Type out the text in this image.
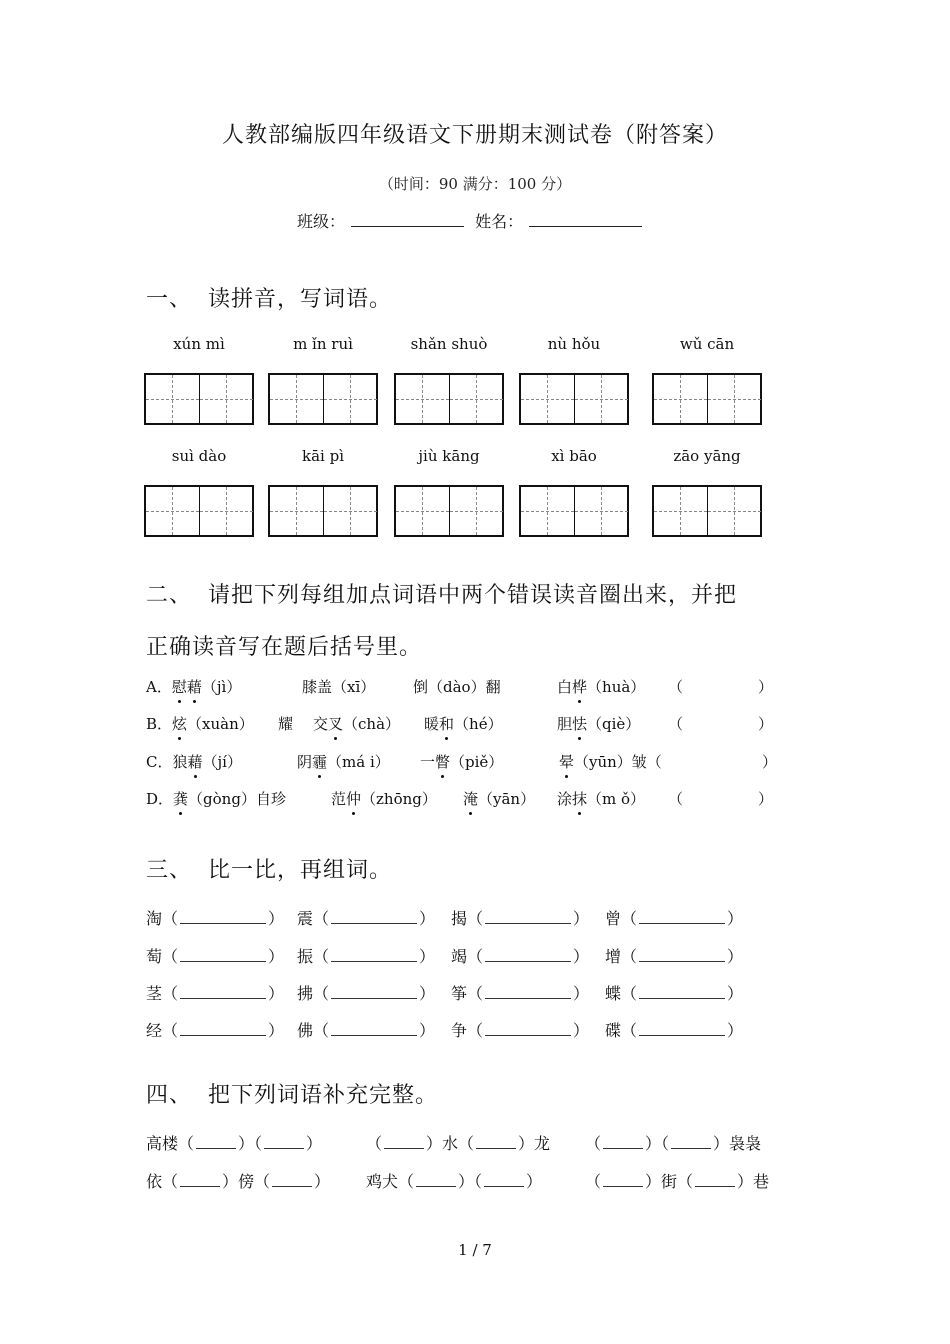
人教部编版四年级语文下册期末测试卷（附答案）
（时间：90 满分：100 分）
班级：	姓名：
一、 读拼音，写词语。
xún mì	m ǐn ruì	shǎn shuò	nù hǒu	wǔ cān
suì dào	kāi pì	jiù kāng	xì bāo	zāo yāng
二、 请把下列每组加点词语中两个错误读音圈出来，并把
正确读音写在题后括号里。
A．慰藉（jì）	膝盖（xī）	倒（dào）翻	白桦（huà） （	）
B．炫（xuàn） 耀 交叉（chà） 暖和（hé）	胆怯（qiè） （	）
C．狼藉（jí）	阴霾（má i） 一瞥（piě）	晕（yūn）皱（	）
D．龚（gòng）自珍	范仲（zhōng） 淹（yān） 涂抹（m ǒ） （	）
三、 比一比，再组词。
淘（	） 震（	） 揭（	） 曾（	）
萄（	） 振（	） 竭（	） 增（	）
茎（	） 拂（	） 筝（	） 蝶（	）
经（	） 佛（	） 争（	） 碟（	）
四、 把下列词语补充完整。
高楼（	）（	）	（	）水（	）龙 （	）（	）袅袅
依（	）傍（	） 鸡犬（	）（	）	（	）街（	）巷
1 / 7
